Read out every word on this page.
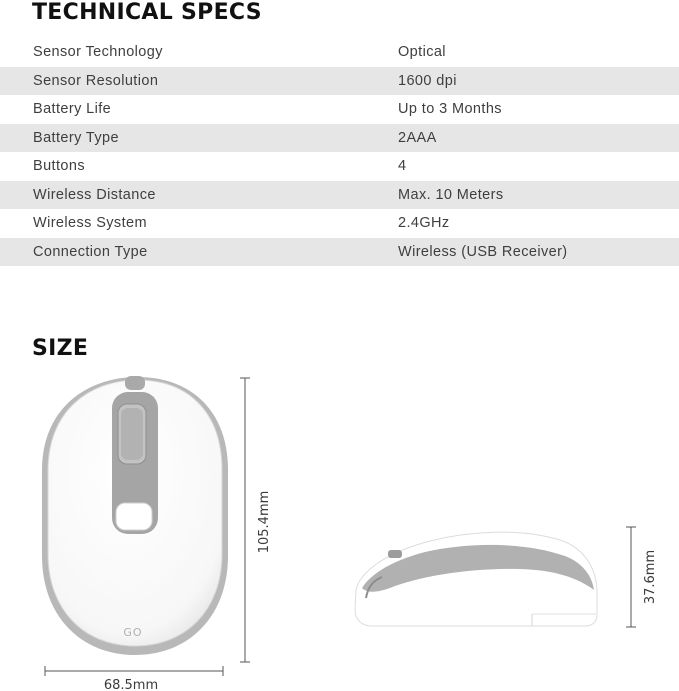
TECHNICAL SPECS
Sensor Technology	Optical
Sensor Resolution	1600 dpi
Battery Life	Up to 3 Months
Battery Type	2AAA
Buttons	4
Wireless Distance	Max. 10 Meters
Wireless System	2.4GHz
Connection Type	Wireless (USB Receiver)
SIZE
GO
105.4mm
68.5mm
37.6mm
